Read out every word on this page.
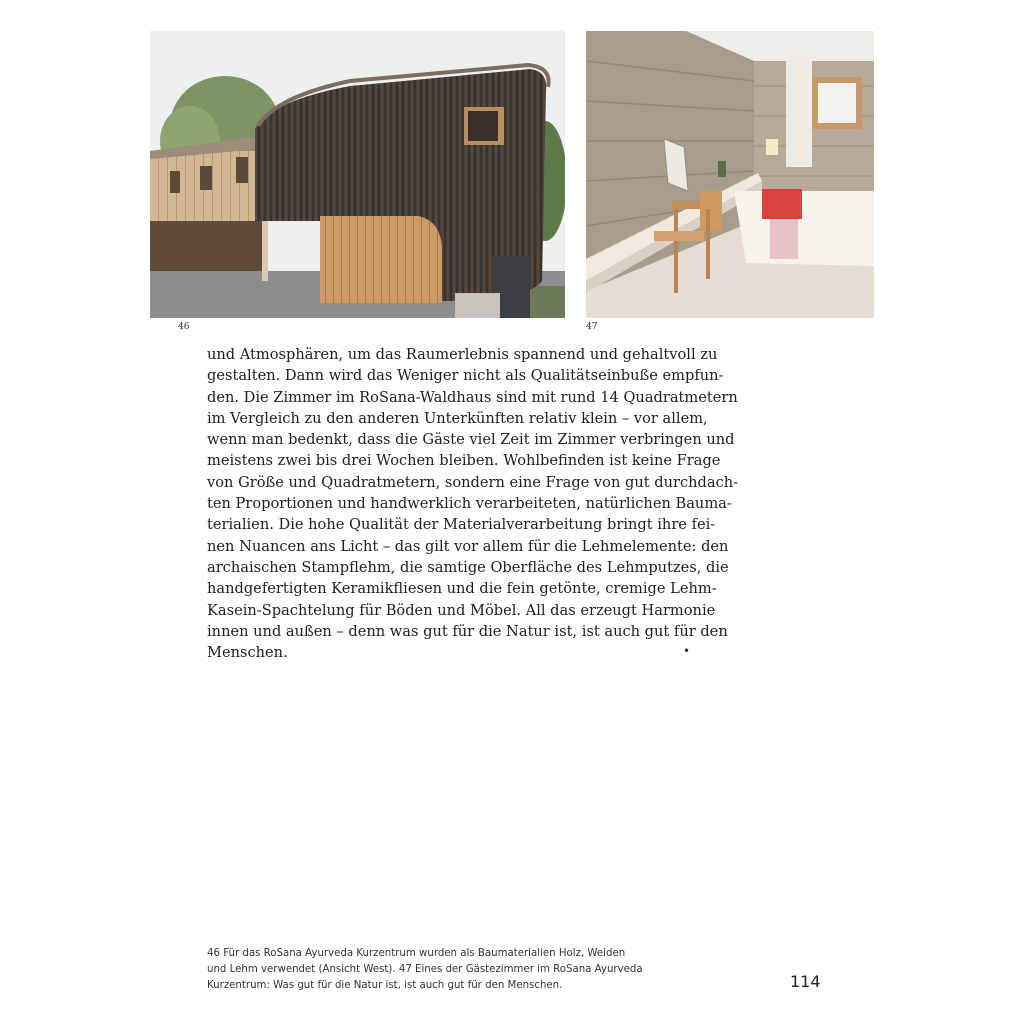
46	47
und Atmosphären, um das Raumerlebnis spannend und gehaltvoll zu
gestalten. Dann wird das Weniger nicht als Qualitätseinbuße empfun-
den. Die Zimmer im RoSana-Waldhaus sind mit rund 14 Quadratmetern
im Vergleich zu den anderen Unterkünften relativ klein – vor allem,
wenn man bedenkt, dass die Gäste viel Zeit im Zimmer verbringen und
meistens zwei bis drei Wochen bleiben. Wohlbefinden ist keine Frage
von Größe und Quadratmetern, sondern eine Frage von gut durchdach-
ten Proportionen und handwerklich verarbeiteten, natürlichen Bauma-
terialien. Die hohe Qualität der Materialverarbeitung bringt ihre fei-
nen Nuancen ans Licht – das gilt vor allem für die Lehmelemente: den
archaischen Stampflehm, die samtige Oberfläche des Lehmputzes, die
handgefertigten Keramikfliesen und die fein getönte, cremige Lehm-
Kasein-Spachtelung für Böden und Möbel. All das erzeugt Harmonie
innen und außen – denn was gut für die Natur ist, ist auch gut für den
Menschen.	•
46 Für das RoSana Ayurveda Kurzentrum wurden als Baumaterialien Holz, Weiden
und Lehm verwendet (Ansicht West). 47 Eines der Gästezimmer im RoSana Ayurveda
Kurzentrum: Was gut für die Natur ist, ist auch gut für den Menschen.	114
